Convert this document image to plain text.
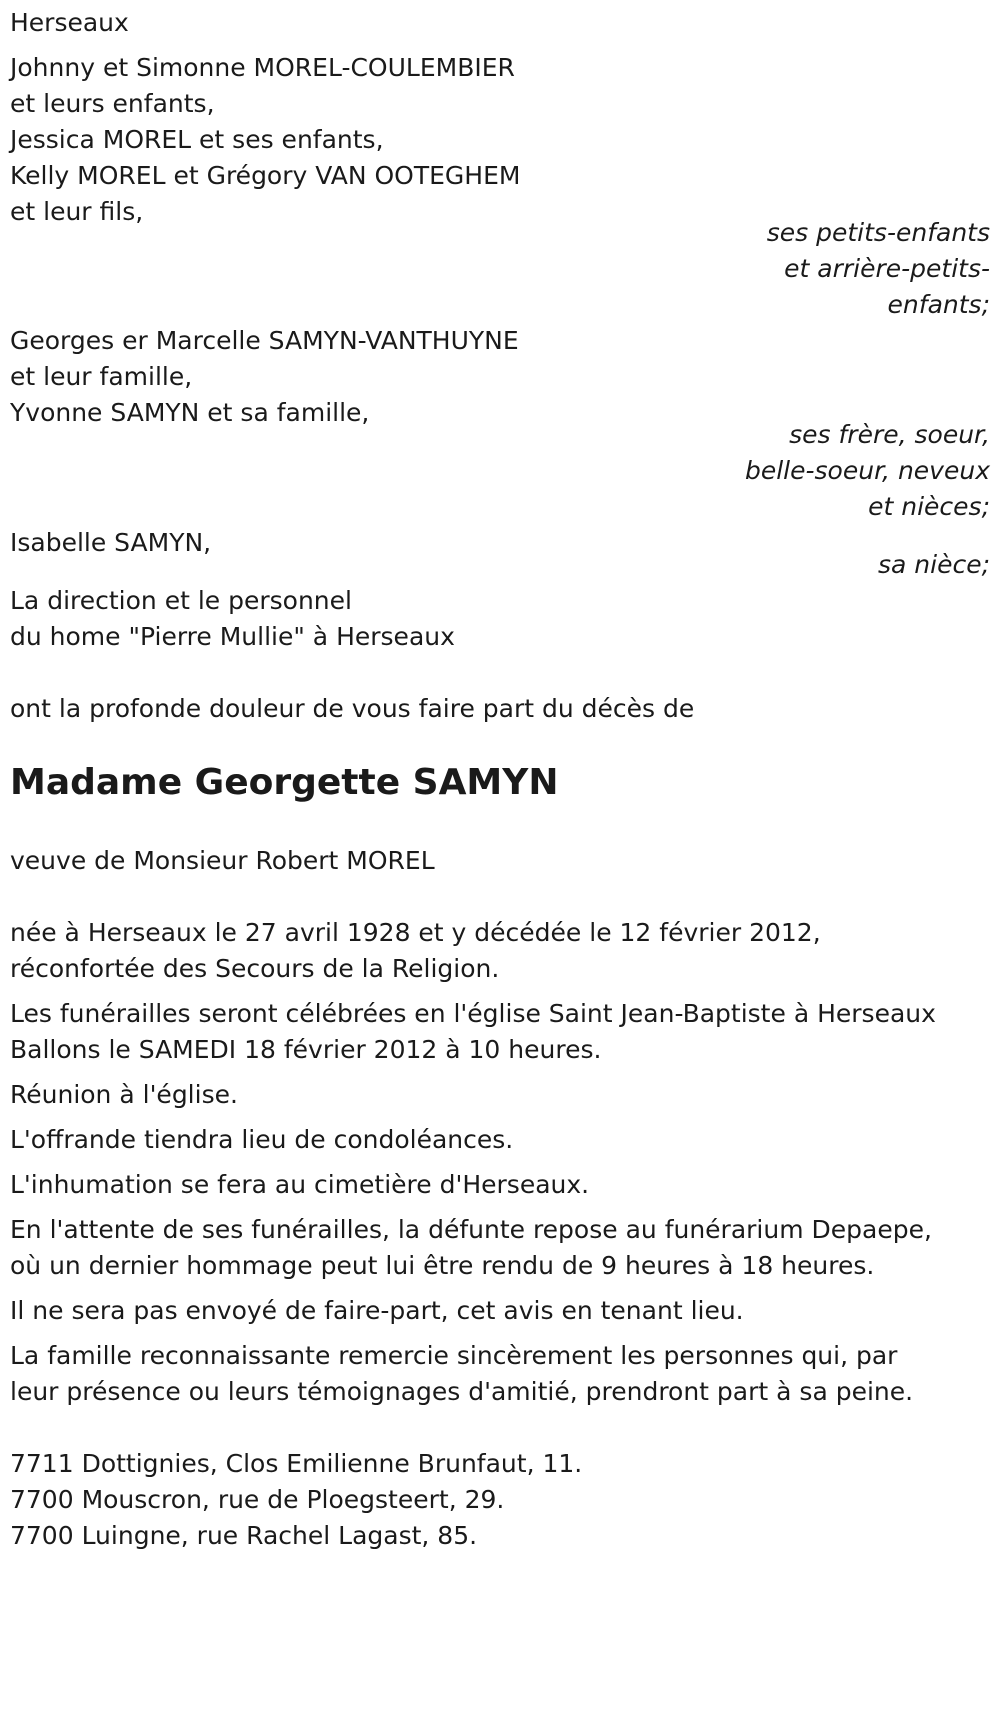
Herseaux

Johnny et Simonne MOREL-COULEMBIER

et leurs enfants,

Jessica MOREL et ses enfants,

Kelly MOREL et Grégory VAN OOTEGHEM

et leur fils,

ses petits-enfants

et arrière-petits-

enfants;

Georges er Marcelle SAMYN-VANTHUYNE

et leur famille,

Yvonne SAMYN et sa famille,

ses frère, soeur,

belle-soeur, neveux

et nièces;

Isabelle SAMYN,

sa nièce;

La direction et le personnel

du home "Pierre Mullie" à Herseaux

ont la profonde douleur de vous faire part du décès de

Madame Georgette SAMYN

veuve de Monsieur Robert MOREL

née à Herseaux le 27 avril 1928 et y décédée le 12 février 2012,

réconfortée des Secours de la Religion.

Les funérailles seront célébrées en l'église Saint Jean-Baptiste à Herseaux

Ballons le SAMEDI 18 février 2012 à 10 heures.

Réunion à l'église.

L'offrande tiendra lieu de condoléances.

L'inhumation se fera au cimetière d'Herseaux.

En l'attente de ses funérailles, la défunte repose au funérarium Depaepe,

où un dernier hommage peut lui être rendu de 9 heures à 18 heures.

Il ne sera pas envoyé de faire-part, cet avis en tenant lieu.

La famille reconnaissante remercie sincèrement les personnes qui, par

leur présence ou leurs témoignages d'amitié, prendront part à sa peine.

7711 Dottignies, Clos Emilienne Brunfaut, 11.

7700 Mouscron, rue de Ploegsteert, 29.

7700 Luingne, rue Rachel Lagast, 85.
